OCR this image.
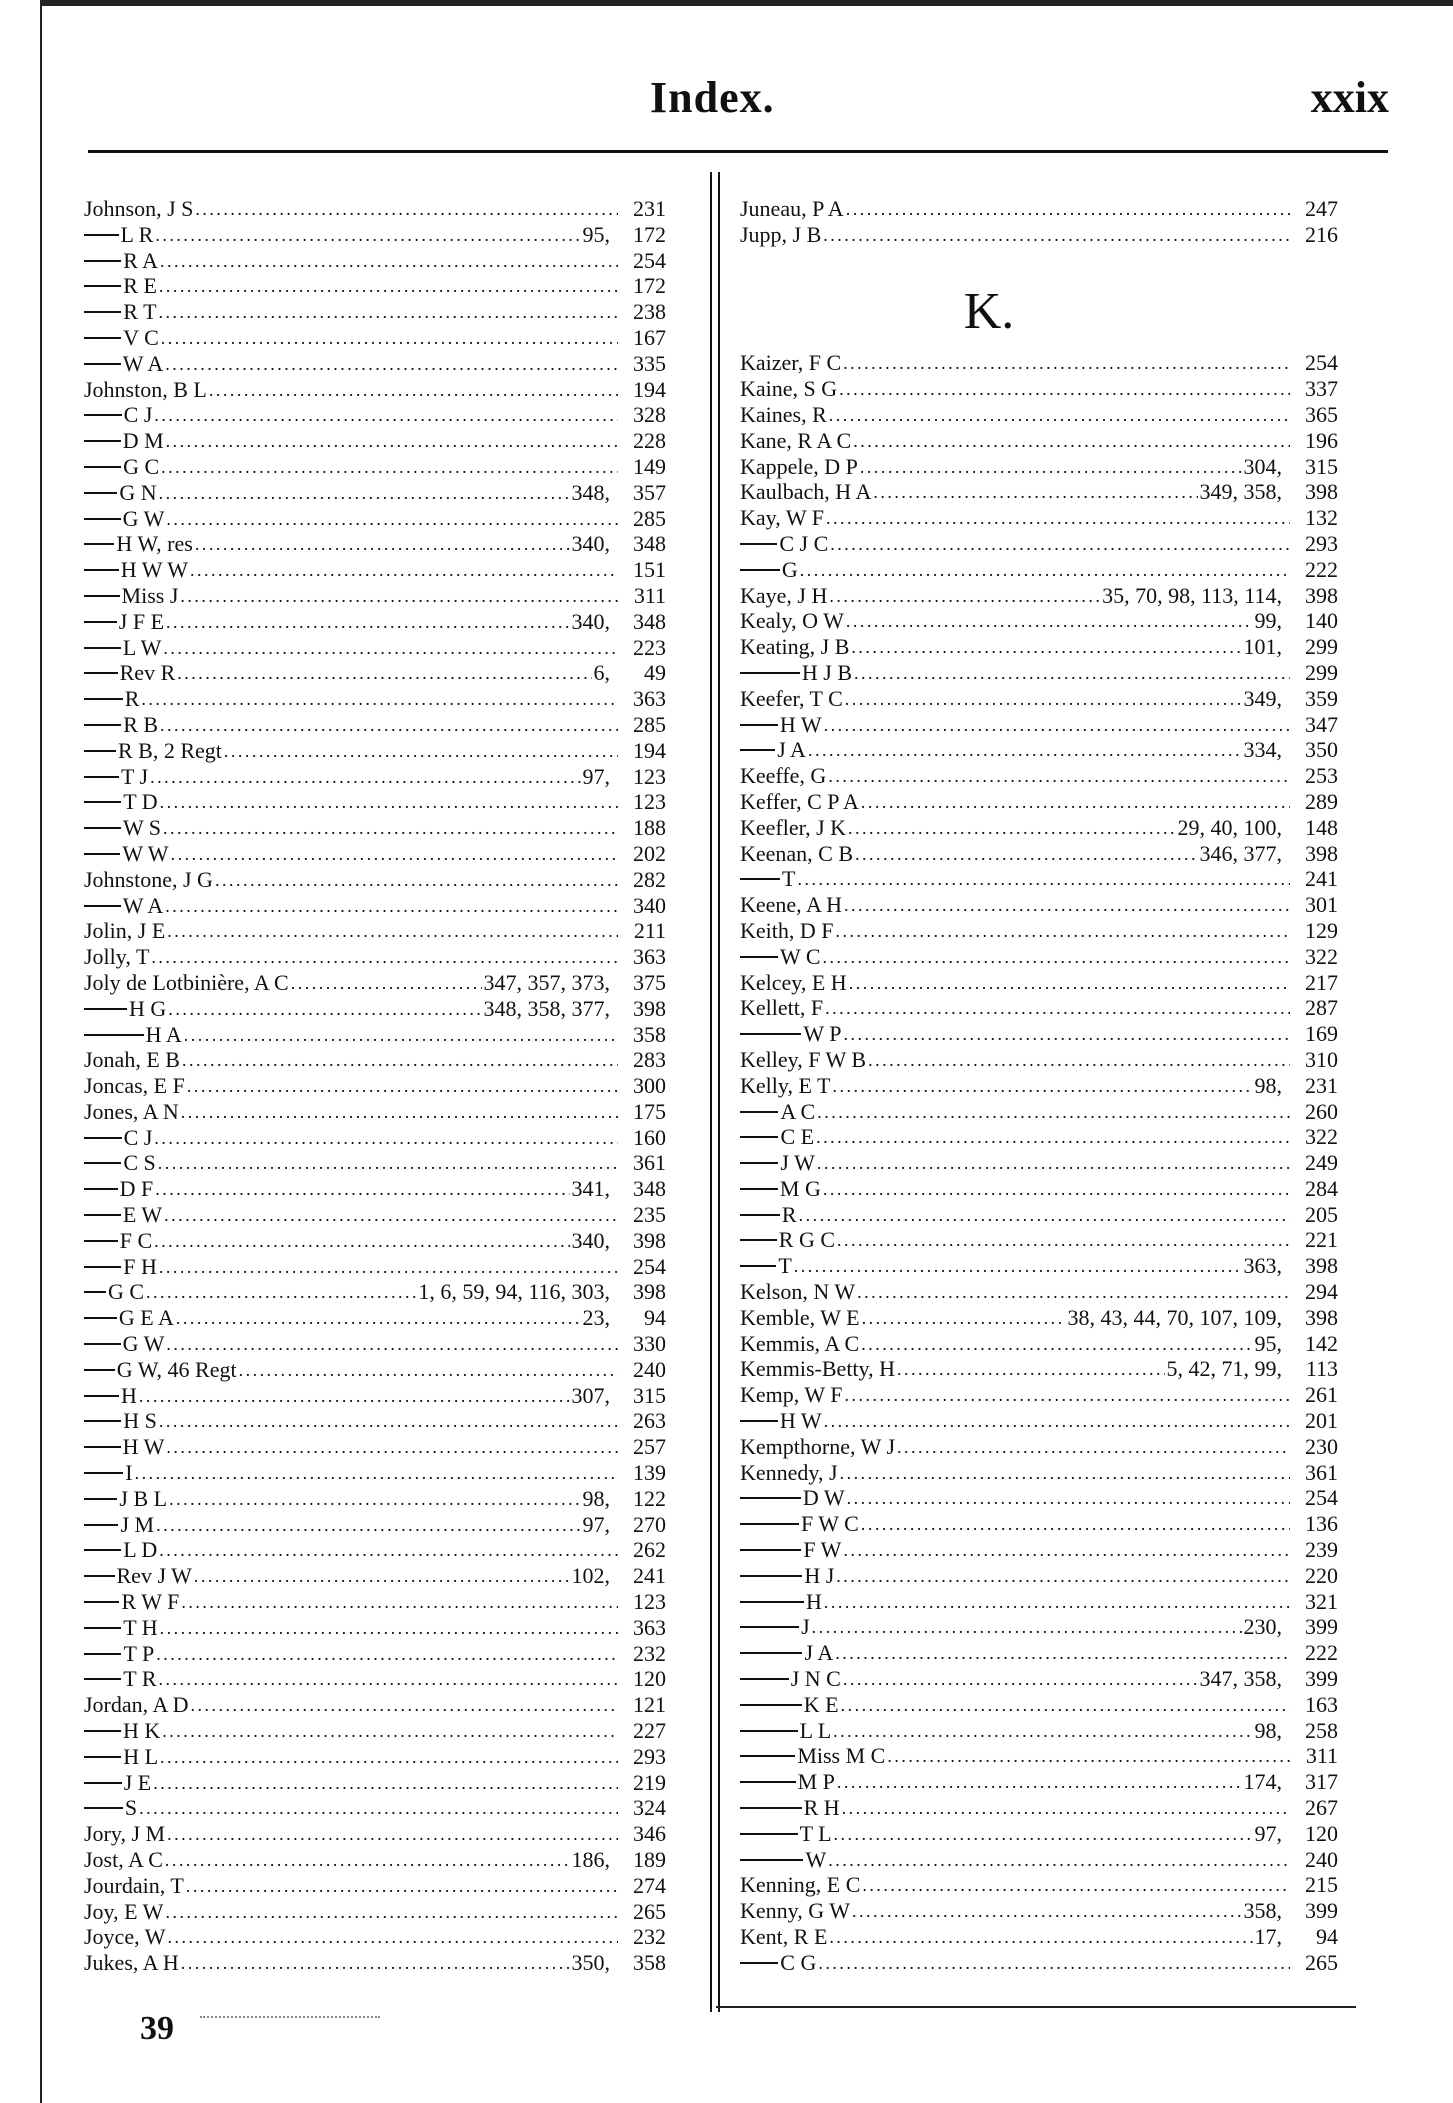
Index.	xxix
Johnson, J S . . .	231
L R . . .	95,	172
R A . . .	254
R E . . .	172
R T . . .	238
V C . . .	167
W A . . .	335
Johnston, B L . . .	194
C J . . .	328
D M . . .	228
G C . . .	149
G N . . .	348,	357
G W . . .	285
H W, res . . .	340,	348
H W W . . .	151
Miss J . . .	311
J F E . . .	340,	348
L W . . .	223
Rev R . . .	6,	49
R . . .	363
R B . . .	285
R B, 2 Regt . . .	194
T J . . .	97,	123
T D . . .	123
W S . . .	188
W W . . .	202
Johnstone, J G . . .	282
W A . . .	340
Jolin, J E . . .	211
Jolly, T . . .	363
Joly de Lotbinière, A C . . .	347, 357, 373,	375
H G . . .	348, 358, 377,	398
H A . . .	358
Jonah, E B . . .	283
Joncas, E F . . .	300
Jones, A N . . .	175
C J . . .	160
C S . . .	361
D F . . .	341,	348
E W . . .	235
F C . . .	340,	398
F H . . .	254
G C . . .	1, 6, 59, 94, 116, 303,	398
G E A . . .	23,	94
G W . . .	330
G W, 46 Regt . . .	240
H . . .	307,	315
H S . . .	263
H W . . .	257
I . . .	139
J B L . . .	98,	122
J M . . .	97,	270
L D . . .	262
Rev J W . . .	102,	241
R W F . . .	123
T H . . .	363
T P . . .	232
T R . . .	120
Jordan, A D . . .	121
H K . . .	227
H L . . .	293
J E . . .	219
S . . .	324
Jory, J M . . .	346
Jost, A C . . .	186,	189
Jourdain, T . . .	274
Joy, E W . . .	265
Joyce, W . . .	232
Jukes, A H . . .	350,	358
Juneau, P A . . .	247
Jupp, J B . . .	216
K.
Kaizer, F C . . .	254
Kaine, S G . . .	337
Kaines, R . . .	365
Kane, R A C . . .	196
Kappele, D P . . .	304,	315
Kaulbach, H A . . .	349, 358,	398
Kay, W F . . .	132
C J C . . .	293
G . . .	222
Kaye, J H . . .	35, 70, 98, 113, 114,	398
Kealy, O W . . .	99,	140
Keating, J B . . .	101,	299
H J B . . .	299
Keefer, T C . . .	349,	359
H W . . .	347
J A . . .	334,	350
Keeffe, G . . .	253
Keffer, C P A . . .	289
Keefler, J K . . .	29, 40, 100,	148
Keenan, C B . . .	346, 377,	398
T . . .	241
Keene, A H . . .	301
Keith, D F . . .	129
W C . . .	322
Kelcey, E H . . .	217
Kellett, F . . .	287
W P . . .	169
Kelley, F W B . . .	310
Kelly, E T . . .	98,	231
A C . . .	260
C E . . .	322
J W . . .	249
M G . . .	284
R . . .	205
R G C . . .	221
T . . .	363,	398
Kelson, N W . . .	294
Kemble, W E . . .	38, 43, 44, 70, 107, 109,	398
Kemmis, A C . . .	95,	142
Kemmis-Betty, H . . .	5, 42, 71, 99,	113
Kemp, W F . . .	261
H W . . .	201
Kempthorne, W J . . .	230
Kennedy, J . . .	361
D W . . .	254
F W C . . .	136
F W . . .	239
H J . . .	220
H . . .	321
J . . .	230,	399
J A . . .	222
J N C . . .	347, 358,	399
K E . . .	163
L L . . .	98,	258
Miss M C . . .	311
M P . . .	174,	317
R H . . .	267
T L . . .	97,	120
W . . .	240
Kenning, E C . . .	215
Kenny, G W . . .	358,	399
Kent, R E . . .	17,	94
C G . . .	265
39
